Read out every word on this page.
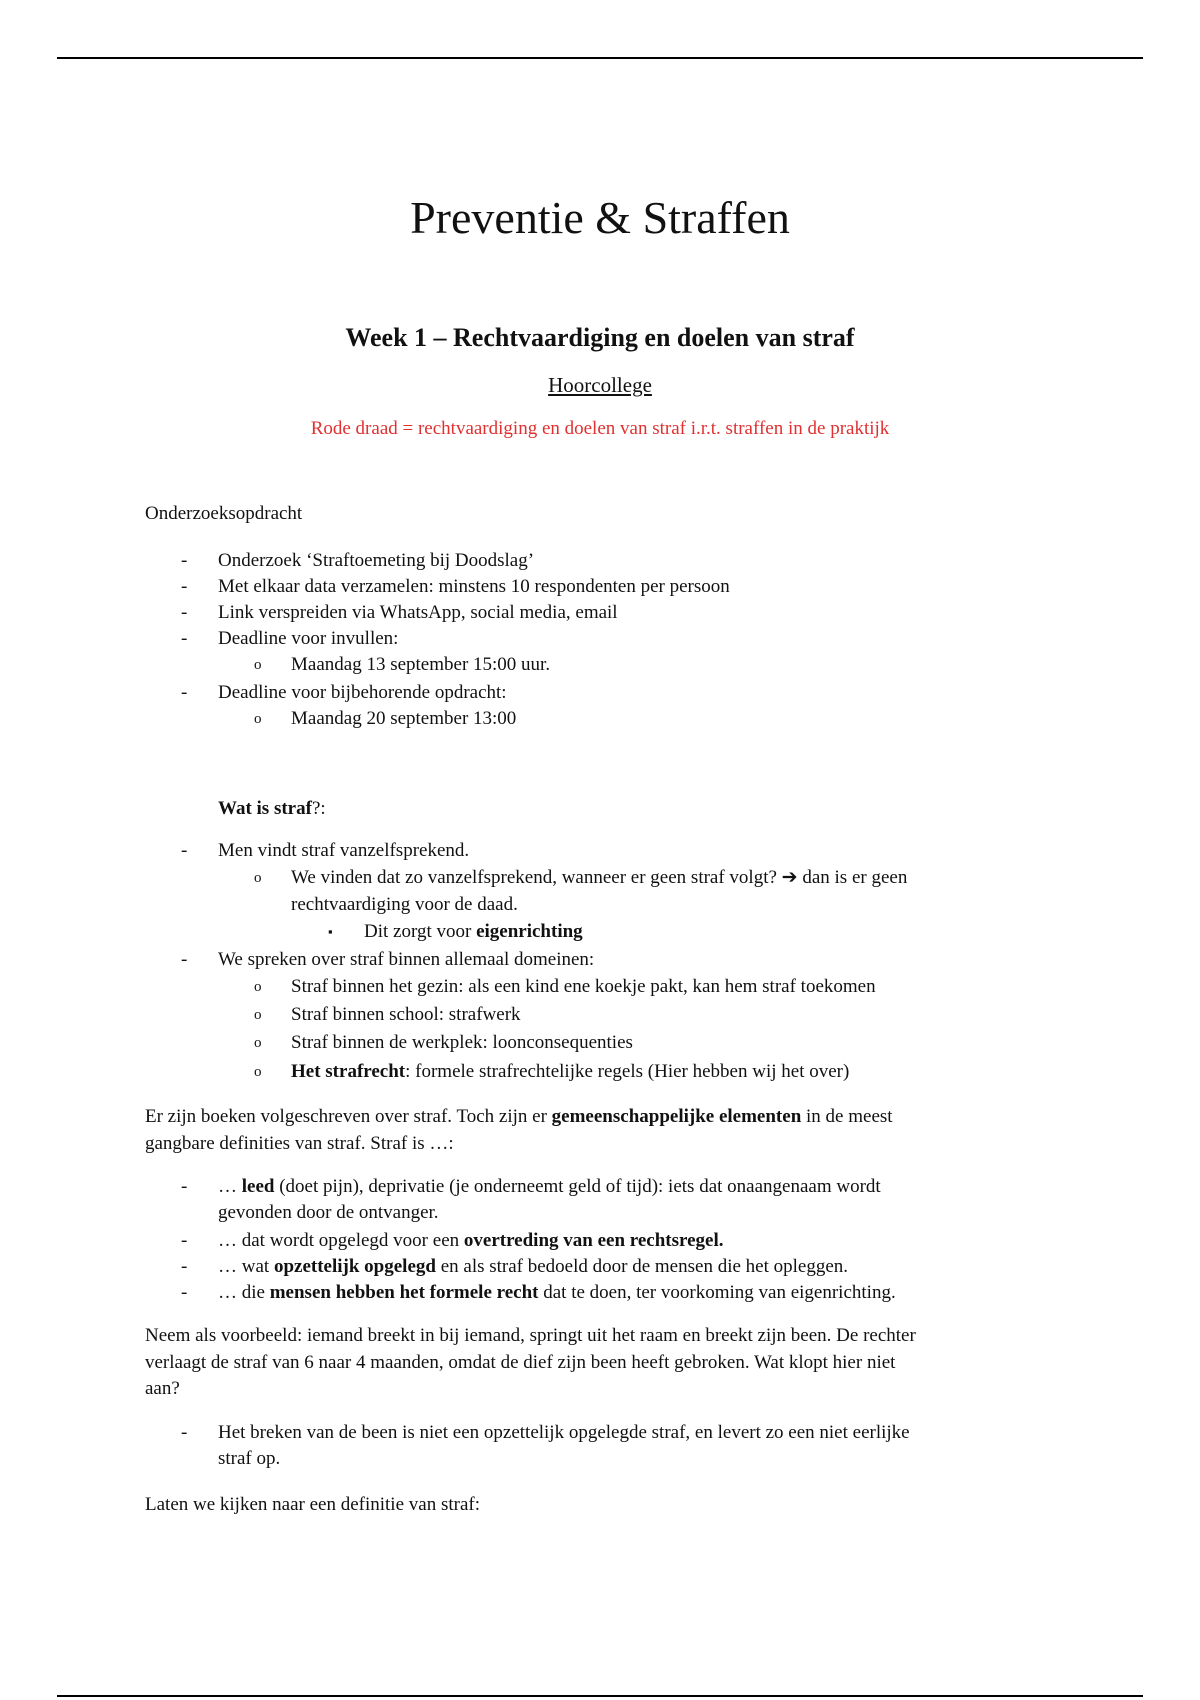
Preventie & Straffen
Week 1 – Rechtvaardiging en doelen van straf
Hoorcollege
Rode draad = rechtvaardiging en doelen van straf i.r.t. straffen in de praktijk
Onderzoeksopdracht
- Onderzoek ‘Straftoemeting bij Doodslag’
- Met elkaar data verzamelen: minstens 10 respondenten per persoon
- Link verspreiden via WhatsApp, social media, email
- Deadline voor invullen:
o Maandag 13 september 15:00 uur.
- Deadline voor bijbehorende opdracht:
o Maandag 20 september 13:00
Wat is straf?:
- Men vindt straf vanzelfsprekend.
o We vinden dat zo vanzelfsprekend, wanneer er geen straf volgt? ➔ dan is er geen
rechtvaardiging voor de daad.
▪ Dit zorgt voor eigenrichting
- We spreken over straf binnen allemaal domeinen:
o Straf binnen het gezin: als een kind ene koekje pakt, kan hem straf toekomen
o Straf binnen school: strafwerk
o Straf binnen de werkplek: loonconsequenties
o Het strafrecht: formele strafrechtelijke regels (Hier hebben wij het over)
Er zijn boeken volgeschreven over straf. Toch zijn er gemeenschappelijke elementen in de meest
gangbare definities van straf. Straf is …:
- … leed (doet pijn), deprivatie (je onderneemt geld of tijd): iets dat onaangenaam wordt
gevonden door de ontvanger.
- … dat wordt opgelegd voor een overtreding van een rechtsregel.
- … wat opzettelijk opgelegd en als straf bedoeld door de mensen die het opleggen.
- … die mensen hebben het formele recht dat te doen, ter voorkoming van eigenrichting.
Neem als voorbeeld: iemand breekt in bij iemand, springt uit het raam en breekt zijn been. De rechter
verlaagt de straf van 6 naar 4 maanden, omdat de dief zijn been heeft gebroken. Wat klopt hier niet
aan?
- Het breken van de been is niet een opzettelijk opgelegde straf, en levert zo een niet eerlijke
straf op.
Laten we kijken naar een definitie van straf:
